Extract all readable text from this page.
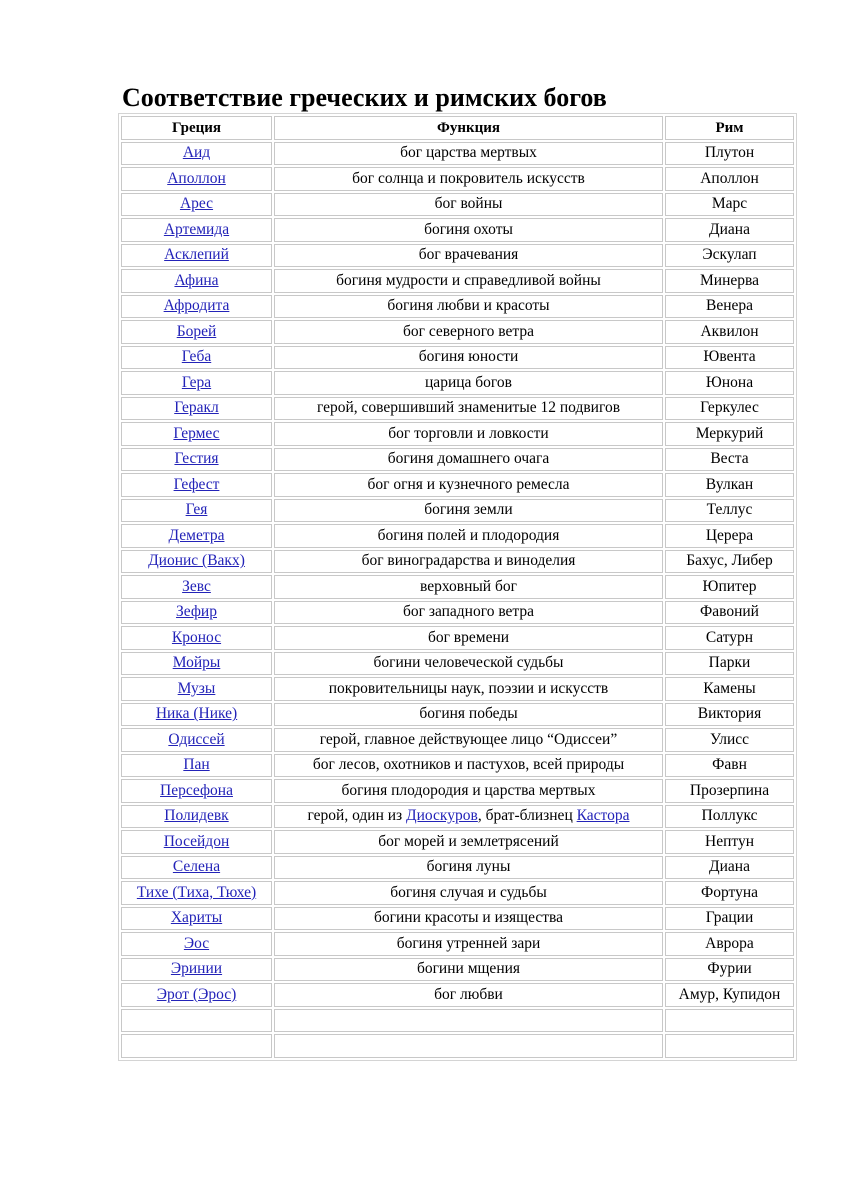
Соответствие греческих и римских богов
Греция	Функция	Рим
Аид	бог царства мертвых	Плутон
Аполлон	бог солнца и покровитель искусств	Аполлон
Арес	бог войны	Марс
Артемида	богиня охоты	Диана
Асклепий	бог врачевания	Эскулап
Афина	богиня мудрости и справедливой войны	Минерва
Афродита	богиня любви и красоты	Венера
Борей	бог северного ветра	Аквилон
Геба	богиня юности	Ювента
Гера	царица богов	Юнона
Геракл	герой, совершивший знаменитые 12 подвигов	Геркулес
Гермес	бог торговли и ловкости	Меркурий
Гестия	богиня домашнего очага	Веста
Гефест	бог огня и кузнечного ремесла	Вулкан
Гея	богиня земли	Теллус
Деметра	богиня полей и плодородия	Церера
Дионис (Вакх)	бог виноградарства и виноделия	Бахус, Либер
Зевс	верховный бог	Юпитер
Зефир	бог западного ветра	Фавоний
Кронос	бог времени	Сатурн
Мойры	богини человеческой судьбы	Парки
Музы	покровительницы наук, поэзии и искусств	Камены
Ника (Нике)	богиня победы	Виктория
Одиссей	герой, главное действующее лицо “Одиссеи”	Улисс
Пан	бог лесов, охотников и пастухов, всей природы	Фавн
Персефона	богиня плодородия и царства мертвых	Прозерпина
Полидевк	герой, один из Диоскуров, брат-близнец Кастора	Поллукс
Посейдон	бог морей и землетрясений	Нептун
Селена	богиня луны	Диана
Тихе (Тиха, Тюхе)	богиня случая и судьбы	Фортуна
Хариты	богини красоты и изящества	Грации
Эос	богиня утренней зари	Аврора
Эринии	богини мщения	Фурии
Эрот (Эрос)	бог любви	Амур, Купидон
